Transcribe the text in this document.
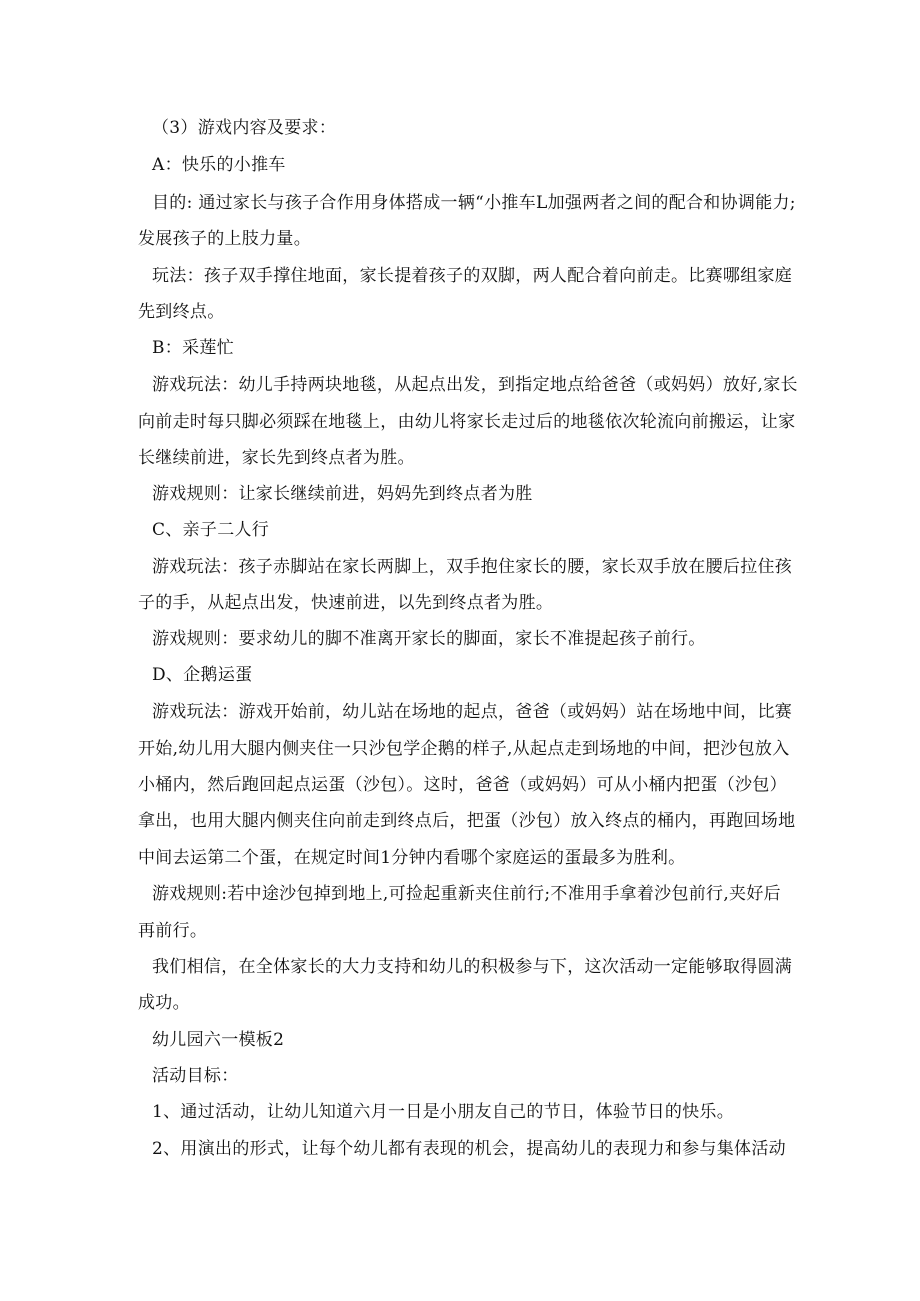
（3）游戏内容及要求：
A：快乐的小推车
目的: 通过家长与孩子合作用身体搭成一辆“小推车L加强两者之间的配合和协调能力;
发展孩子的上肢力量。
玩法：孩子双手撑住地面，家长提着孩子的双脚，两人配合着向前走。比赛哪组家庭
先到终点。
B：采莲忙
游戏玩法：幼儿手持两块地毯，从起点出发，到指定地点给爸爸（或妈妈）放好,家长
向前走时每只脚必须踩在地毯上，由幼儿将家长走过后的地毯依次轮流向前搬运，让家
长继续前进，家长先到终点者为胜。
游戏规则：让家长继续前进，妈妈先到终点者为胜
C、亲子二人行
游戏玩法：孩子赤脚站在家长两脚上，双手抱住家长的腰，家长双手放在腰后拉住孩
子的手，从起点出发，快速前进，以先到终点者为胜。
游戏规则：要求幼儿的脚不准离开家长的脚面，家长不准提起孩子前行。
D、企鹅运蛋
游戏玩法：游戏开始前，幼儿站在场地的起点，爸爸（或妈妈）站在场地中间，比赛
开始,幼儿用大腿内侧夹住一只沙包学企鹅的样子,从起点走到场地的中间，把沙包放入
小桶内，然后跑回起点运蛋（沙包）。这时，爸爸（或妈妈）可从小桶内把蛋（沙包）
拿出，也用大腿内侧夹住向前走到终点后，把蛋（沙包）放入终点的桶内，再跑回场地
中间去运第二个蛋，在规定时间1分钟内看哪个家庭运的蛋最多为胜利。
游戏规则:若中途沙包掉到地上,可捡起重新夹住前行;不准用手拿着沙包前行,夹好后
再前行。
我们相信，在全体家长的大力支持和幼儿的积极参与下，这次活动一定能够取得圆满
成功。
幼儿园六一模板2
活动目标：
1、通过活动，让幼儿知道六月一日是小朋友自己的节日，体验节日的快乐。
2、用演出的形式，让每个幼儿都有表现的机会，提高幼儿的表现力和参与集体活动
